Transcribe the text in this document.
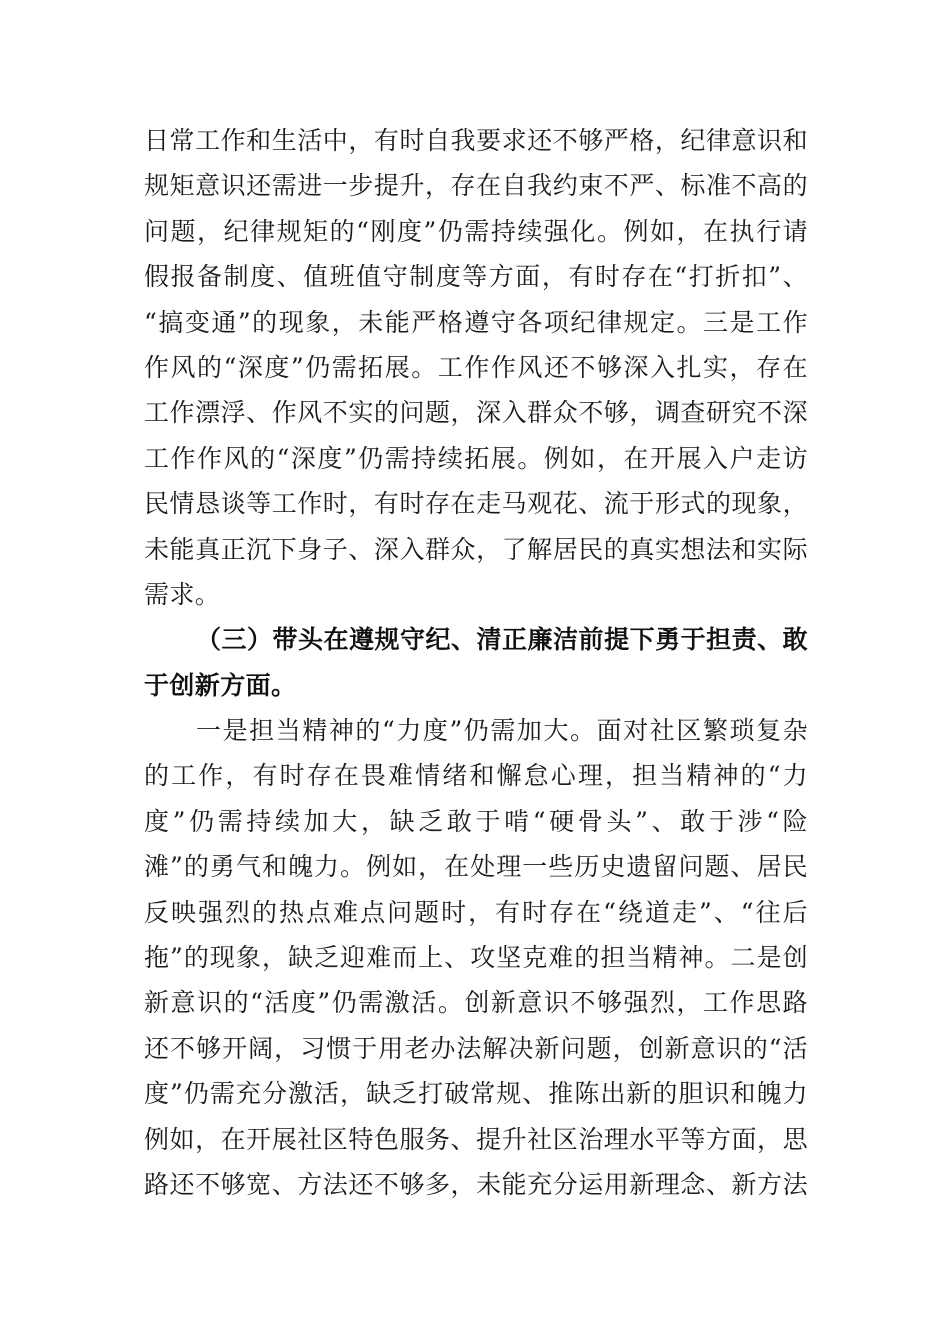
日常工作和生活中，有时自我要求还不够严格，纪律意识和
规矩意识还需进一步提升，存在自我约束不严、标准不高的
问题，纪律规矩的“刚度”仍需持续强化。例如，在执行请
假报备制度、值班值守制度等方面，有时存在“打折扣”、
“搞变通”的现象，未能严格遵守各项纪律规定。三是工作
作风的“深度”仍需拓展。工作作风还不够深入扎实，存在
工作漂浮、作风不实的问题，深入群众不够，调查研究不深
工作作风的“深度”仍需持续拓展。例如，在开展入户走访
民情恳谈等工作时，有时存在走马观花、流于形式的现象，
未能真正沉下身子、深入群众，了解居民的真实想法和实际
需求。
（三）带头在遵规守纪、清正廉洁前提下勇于担责、敢
于创新方面。
一是担当精神的“力度”仍需加大。面对社区繁琐复杂
的工作，有时存在畏难情绪和懈怠心理，担当精神的“力
度”仍需持续加大，缺乏敢于啃“硬骨头”、敢于涉“险
滩”的勇气和魄力。例如，在处理一些历史遗留问题、居民
反映强烈的热点难点问题时，有时存在“绕道走”、“往后
拖”的现象，缺乏迎难而上、攻坚克难的担当精神。二是创
新意识的“活度”仍需激活。创新意识不够强烈，工作思路
还不够开阔，习惯于用老办法解决新问题，创新意识的“活
度”仍需充分激活，缺乏打破常规、推陈出新的胆识和魄力
例如，在开展社区特色服务、提升社区治理水平等方面，思
路还不够宽、方法还不够多，未能充分运用新理念、新方法
